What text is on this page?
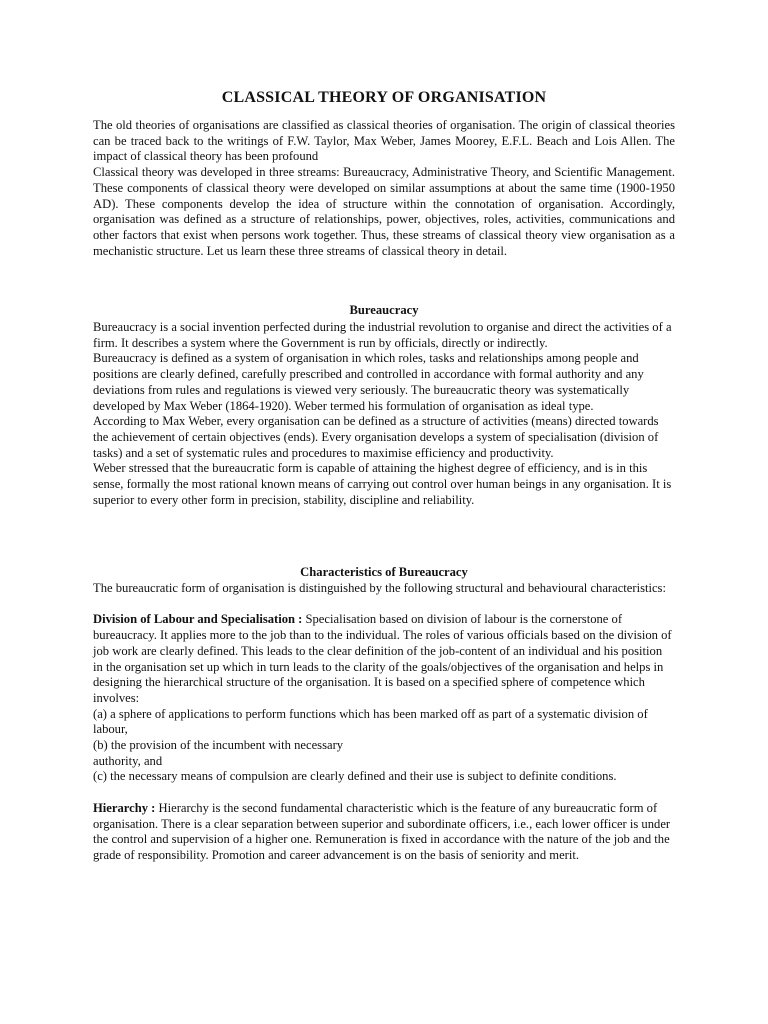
CLASSICAL THEORY OF ORGANISATION

The old theories of organisations are classified as classical theories of organisation. The origin of classical theories can be traced back to the writings of F.W. Taylor, Max Weber, James Moorey, E.F.L. Beach and Lois Allen. The impact of classical theory has been profound

Classical theory was developed in three streams: Bureaucracy, Administrative Theory, and Scientific Management. These components of classical theory were developed on similar assumptions at about the same time (1900-1950 AD). These components develop the idea of structure within the connotation of organisation. Accordingly, organisation was defined as a structure of relationships, power, objectives, roles, activities, communications and other factors that exist when persons work together. Thus, these streams of classical theory view organisation as a mechanistic structure. Let us learn these three streams of classical theory in detail.

Bureaucracy

Bureaucracy is a social invention perfected during the industrial revolution to organise and direct the activities of a firm. It describes a system where the Government is run by officials, directly or indirectly.

Bureaucracy is defined as a system of organisation in which roles, tasks and relationships among people and positions are clearly defined, carefully prescribed and controlled in accordance with formal authority and any deviations from rules and regulations is viewed very seriously. The bureaucratic theory was systematically developed by Max Weber (1864-1920). Weber termed his formulation of organisation as ideal type.

According to Max Weber, every organisation can be defined as a structure of activities (means) directed towards the achievement of certain objectives (ends). Every organisation develops a system of specialisation (division of tasks) and a set of systematic rules and procedures to maximise efficiency and productivity.

Weber stressed that the bureaucratic form is capable of attaining the highest degree of efficiency, and is in this sense, formally the most rational known means of carrying out control over human beings in any organisation. It is superior to every other form in precision, stability, discipline and reliability.

Characteristics of Bureaucracy

The bureaucratic form of organisation is distinguished by the following structural and behavioural characteristics:

Division of Labour and Specialisation : Specialisation based on division of labour is the cornerstone of bureaucracy. It applies more to the job than to the individual. The roles of various officials based on the division of job work are clearly defined. This leads to the clear definition of the job-content of an individual and his position in the organisation set up which in turn leads to the clarity of the goals/objectives of the organisation and helps in designing the hierarchical structure of the organisation. It is based on a specified sphere of competence which involves:

(a) a sphere of applications to perform functions which has been marked off as part of a systematic division of labour,

(b) the provision of the incumbent with necessary

authority, and

(c) the necessary means of compulsion are clearly defined and their use is subject to definite conditions.

Hierarchy : Hierarchy is the second fundamental characteristic which is the feature of any bureaucratic form of organisation. There is a clear separation between superior and subordinate officers, i.e., each lower officer is under the control and supervision of a higher one. Remuneration is fixed in accordance with the nature of the job and the grade of responsibility. Promotion and career advancement is on the basis of seniority and merit.
